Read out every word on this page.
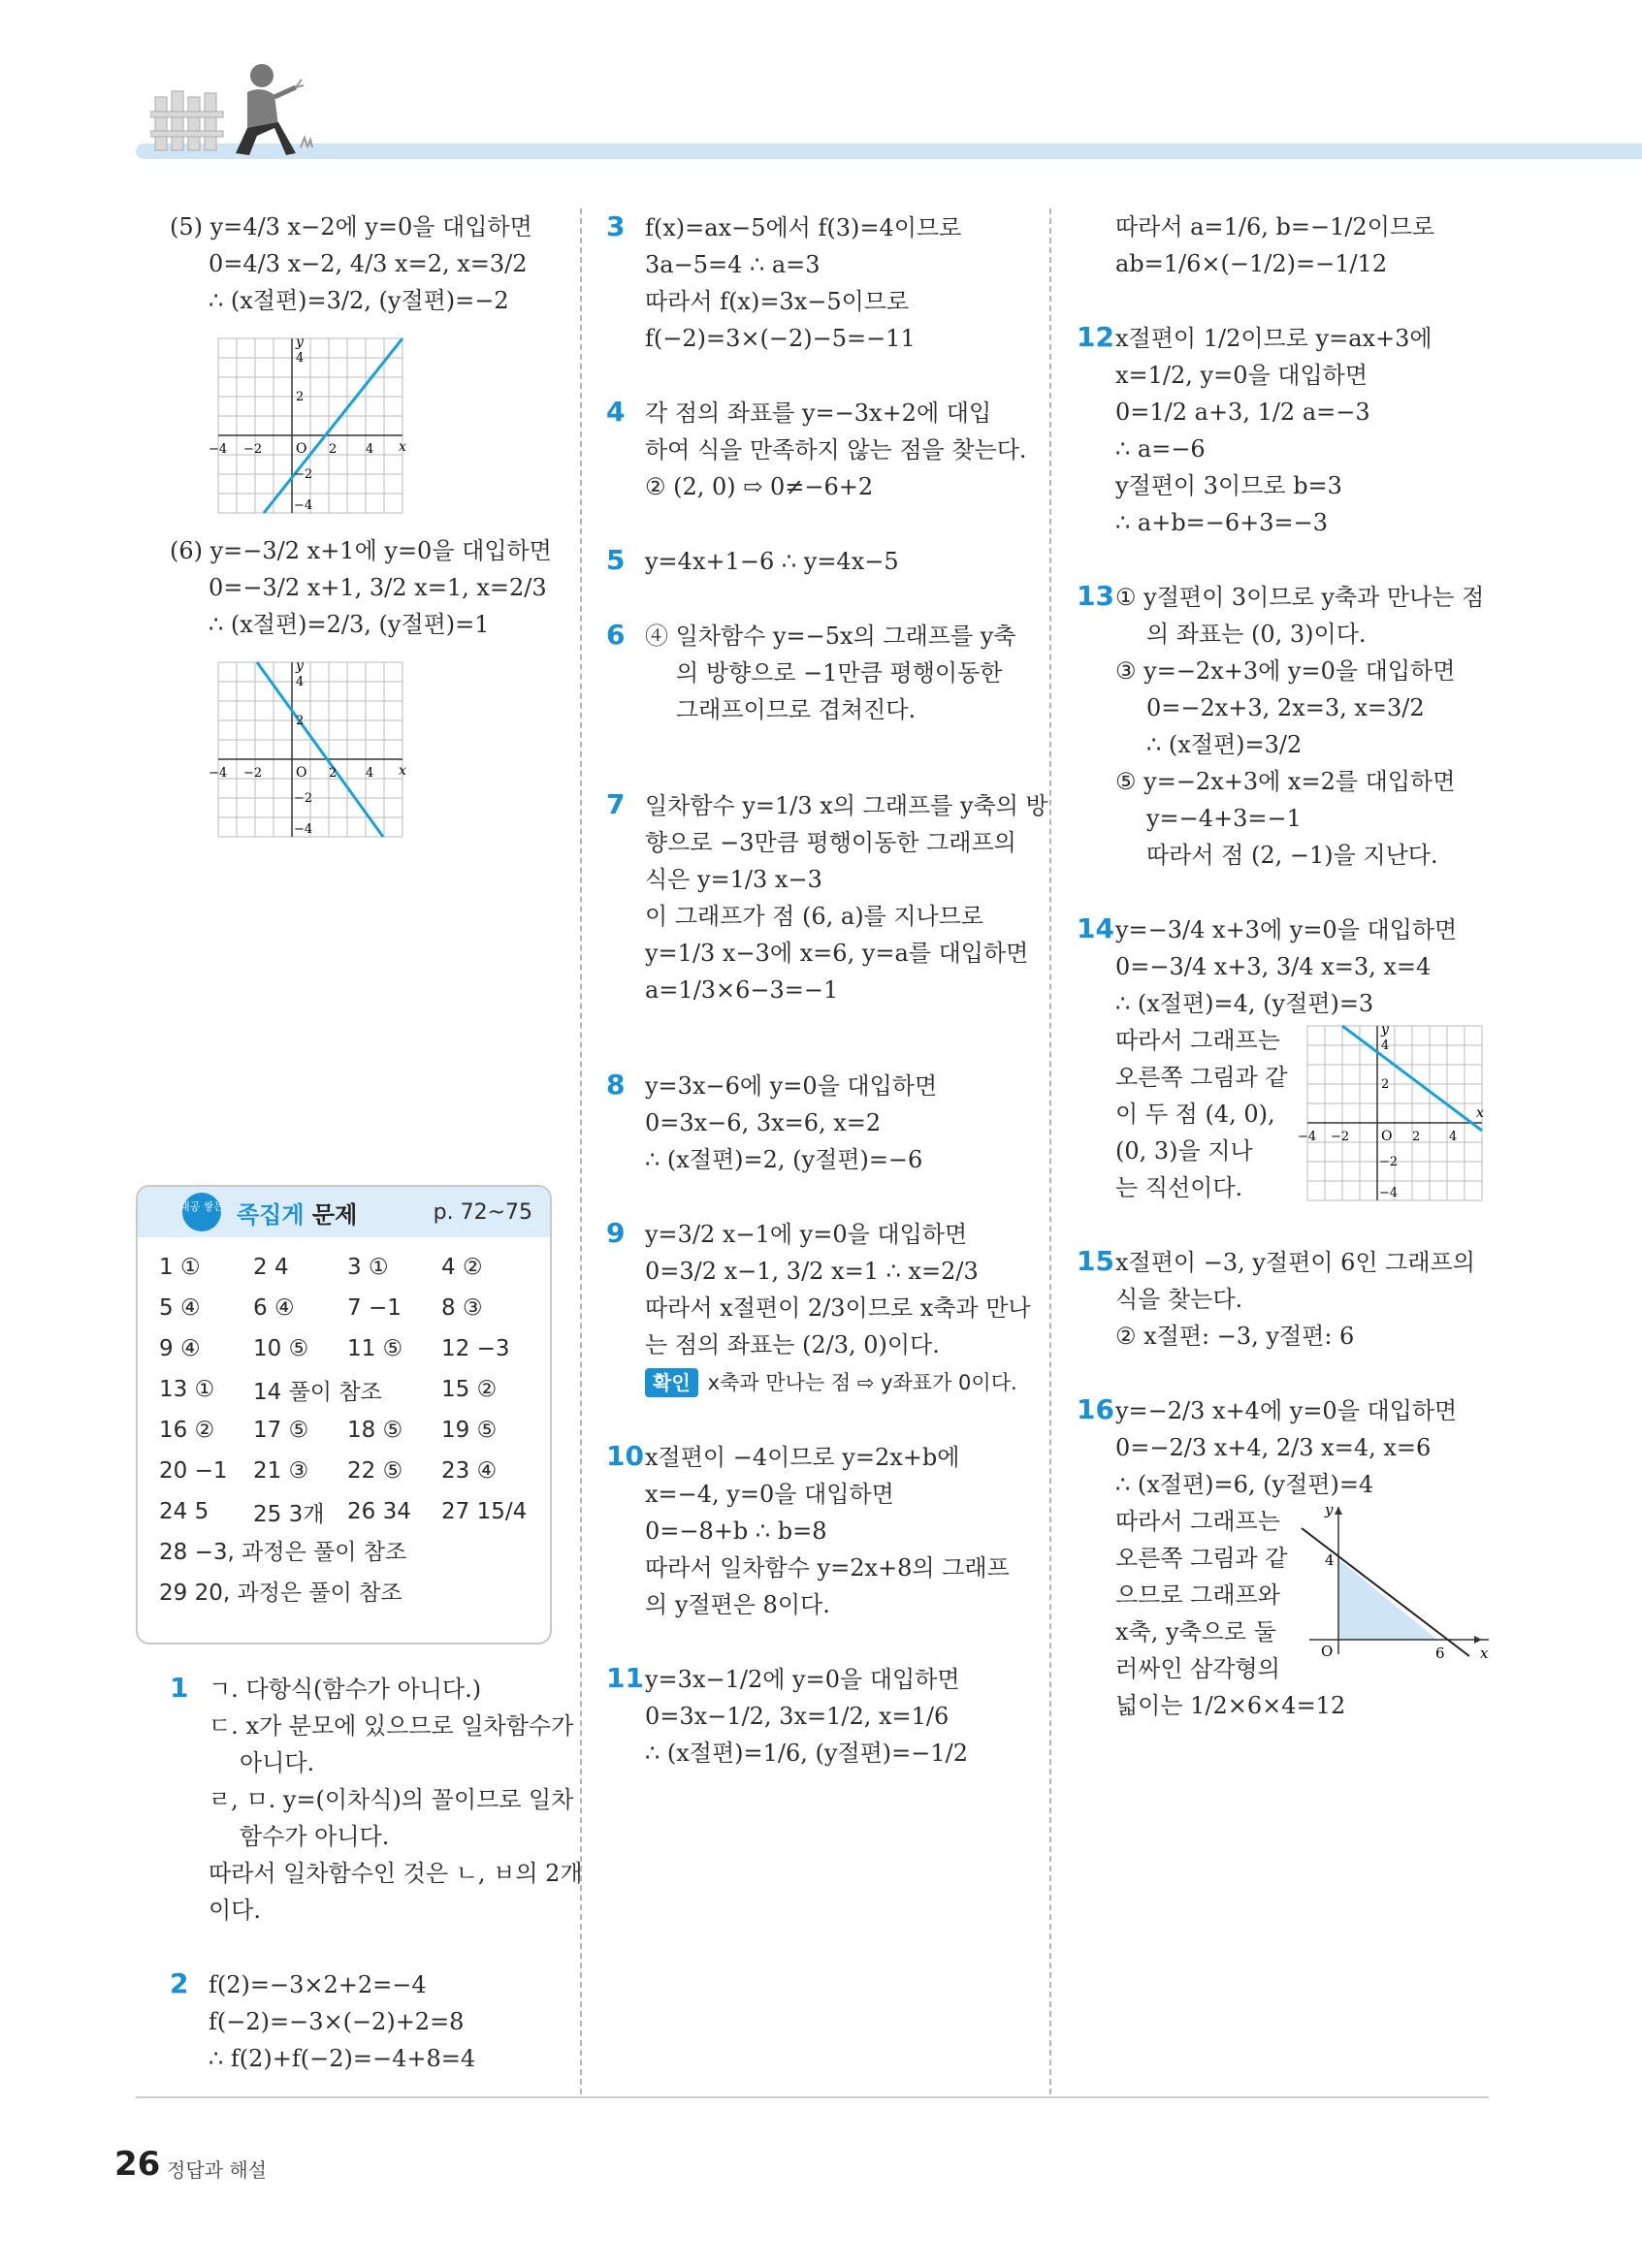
(5) y=4/3 x−2에 y=0을 대입하면
0=4/3 x−2, 4/3 x=2, x=3/2
∴ (x절편)=3/2, (y절편)=−2
O	x
y
2 4
−2
−4
4
2
−2
−4
(6) y=−3/2 x+1에 y=0을 대입하면
0=−3/2 x+1, 3/2 x=1, x=2/3
∴ (x절편)=2/3, (y절편)=1
O	x
y
2 4
−2
−4
4
2
−2
−4
내공 쌓는 족집게 문제	p. 72~75
1 ①	2 4	3 ①	4 ②
5 ④	6 ④	7 −1	8 ③
9 ④	10 ⑤	11 ⑤	12 −3
13 ①	14 풀이 참조	15 ②
16 ②	17 ⑤	18 ⑤	19 ⑤
20 −1	21 ③	22 ⑤	23 ④
24 5	25 3개	26 34	27 15/4
28 −3, 과정은 풀이 참조
29 20, 과정은 풀이 참조
1 ㄱ. 다항식(함수가 아니다.)
ㄷ. x가 분모에 있으므로 일차함수가
아니다.
ㄹ, ㅁ. y=(이차식)의 꼴이므로 일차
함수가 아니다.
따라서 일차함수인 것은 ㄴ, ㅂ의 2개
이다.
2 f(2)=−3×2+2=−4
f(−2)=−3×(−2)+2=8
∴ f(2)+f(−2)=−4+8=4
3 f(x)=ax−5에서 f(3)=4이므로
3a−5=4 ∴ a=3
따라서 f(x)=3x−5이므로
f(−2)=3×(−2)−5=−11
4 각 점의 좌표를 y=−3x+2에 대입
하여 식을 만족하지 않는 점을 찾는다.
② (2, 0) ⇨ 0≠−6+2
5 y=4x+1−6 ∴ y=4x−5
6 ④ 일차함수 y=−5x의 그래프를 y축
의 방향으로 −1만큼 평행이동한
그래프이므로 겹쳐진다.
7 일차함수 y=1/3 x의 그래프를 y축의 방
향으로 −3만큼 평행이동한 그래프의
식은 y=1/3 x−3
이 그래프가 점 (6, a)를 지나므로
y=1/3 x−3에 x=6, y=a를 대입하면
a=1/3×6−3=−1
8 y=3x−6에 y=0을 대입하면
0=3x−6, 3x=6, x=2
∴ (x절편)=2, (y절편)=−6
9 y=3/2 x−1에 y=0을 대입하면
0=3/2 x−1, 3/2 x=1 ∴ x=2/3
따라서 x절편이 2/3이므로 x축과 만나
는 점의 좌표는 (2/3, 0)이다.
확인 x축과 만나는 점 ⇨ y좌표가 0이다.
10x절편이 −4이므로 y=2x+b에
x=−4, y=0을 대입하면
0=−8+b ∴ b=8
따라서 일차함수 y=2x+8의 그래프
의 y절편은 8이다.
11y=3x−1/2에 y=0을 대입하면
0=3x−1/2, 3x=1/2, x=1/6
∴ (x절편)=1/6, (y절편)=−1/2
따라서 a=1/6, b=−1/2이므로
ab=1/6×(−1/2)=−1/12
12x절편이 1/2이므로 y=ax+3에
x=1/2, y=0을 대입하면
0=1/2 a+3, 1/2 a=−3
∴ a=−6
y절편이 3이므로 b=3
∴ a+b=−6+3=−3
13① y절편이 3이므로 y축과 만나는 점
의 좌표는 (0, 3)이다.
③ y=−2x+3에 y=0을 대입하면
0=−2x+3, 2x=3, x=3/2
∴ (x절편)=3/2
⑤ y=−2x+3에 x=2를 대입하면
y=−4+3=−1
따라서 점 (2, −1)을 지난다.
14y=−3/4 x+3에 y=0을 대입하면
0=−3/4 x+3, 3/4 x=3, x=4
∴ (x절편)=4, (y절편)=3
따라서 그래프는
오른쪽 그림과 같
이 두 점 (4, 0),
(0, 3)을 지나
는 직선이다.
O
x
y
2 4
−2
−4
4
2
−2
−4
15x절편이 −3, y절편이 6인 그래프의
식을 찾는다.
② x절편: −3, y절편: 6
16y=−2/3 x+4에 y=0을 대입하면
0=−2/3 x+4, 2/3 x=4, x=6
∴ (x절편)=6, (y절편)=4
따라서 그래프는
오른쪽 그림과 같
으므로 그래프와
x축, y축으로 둘
러싸인 삼각형의
넓이는 1/2×6×4=12
O	x
y
4
6
26 정답과 해설
